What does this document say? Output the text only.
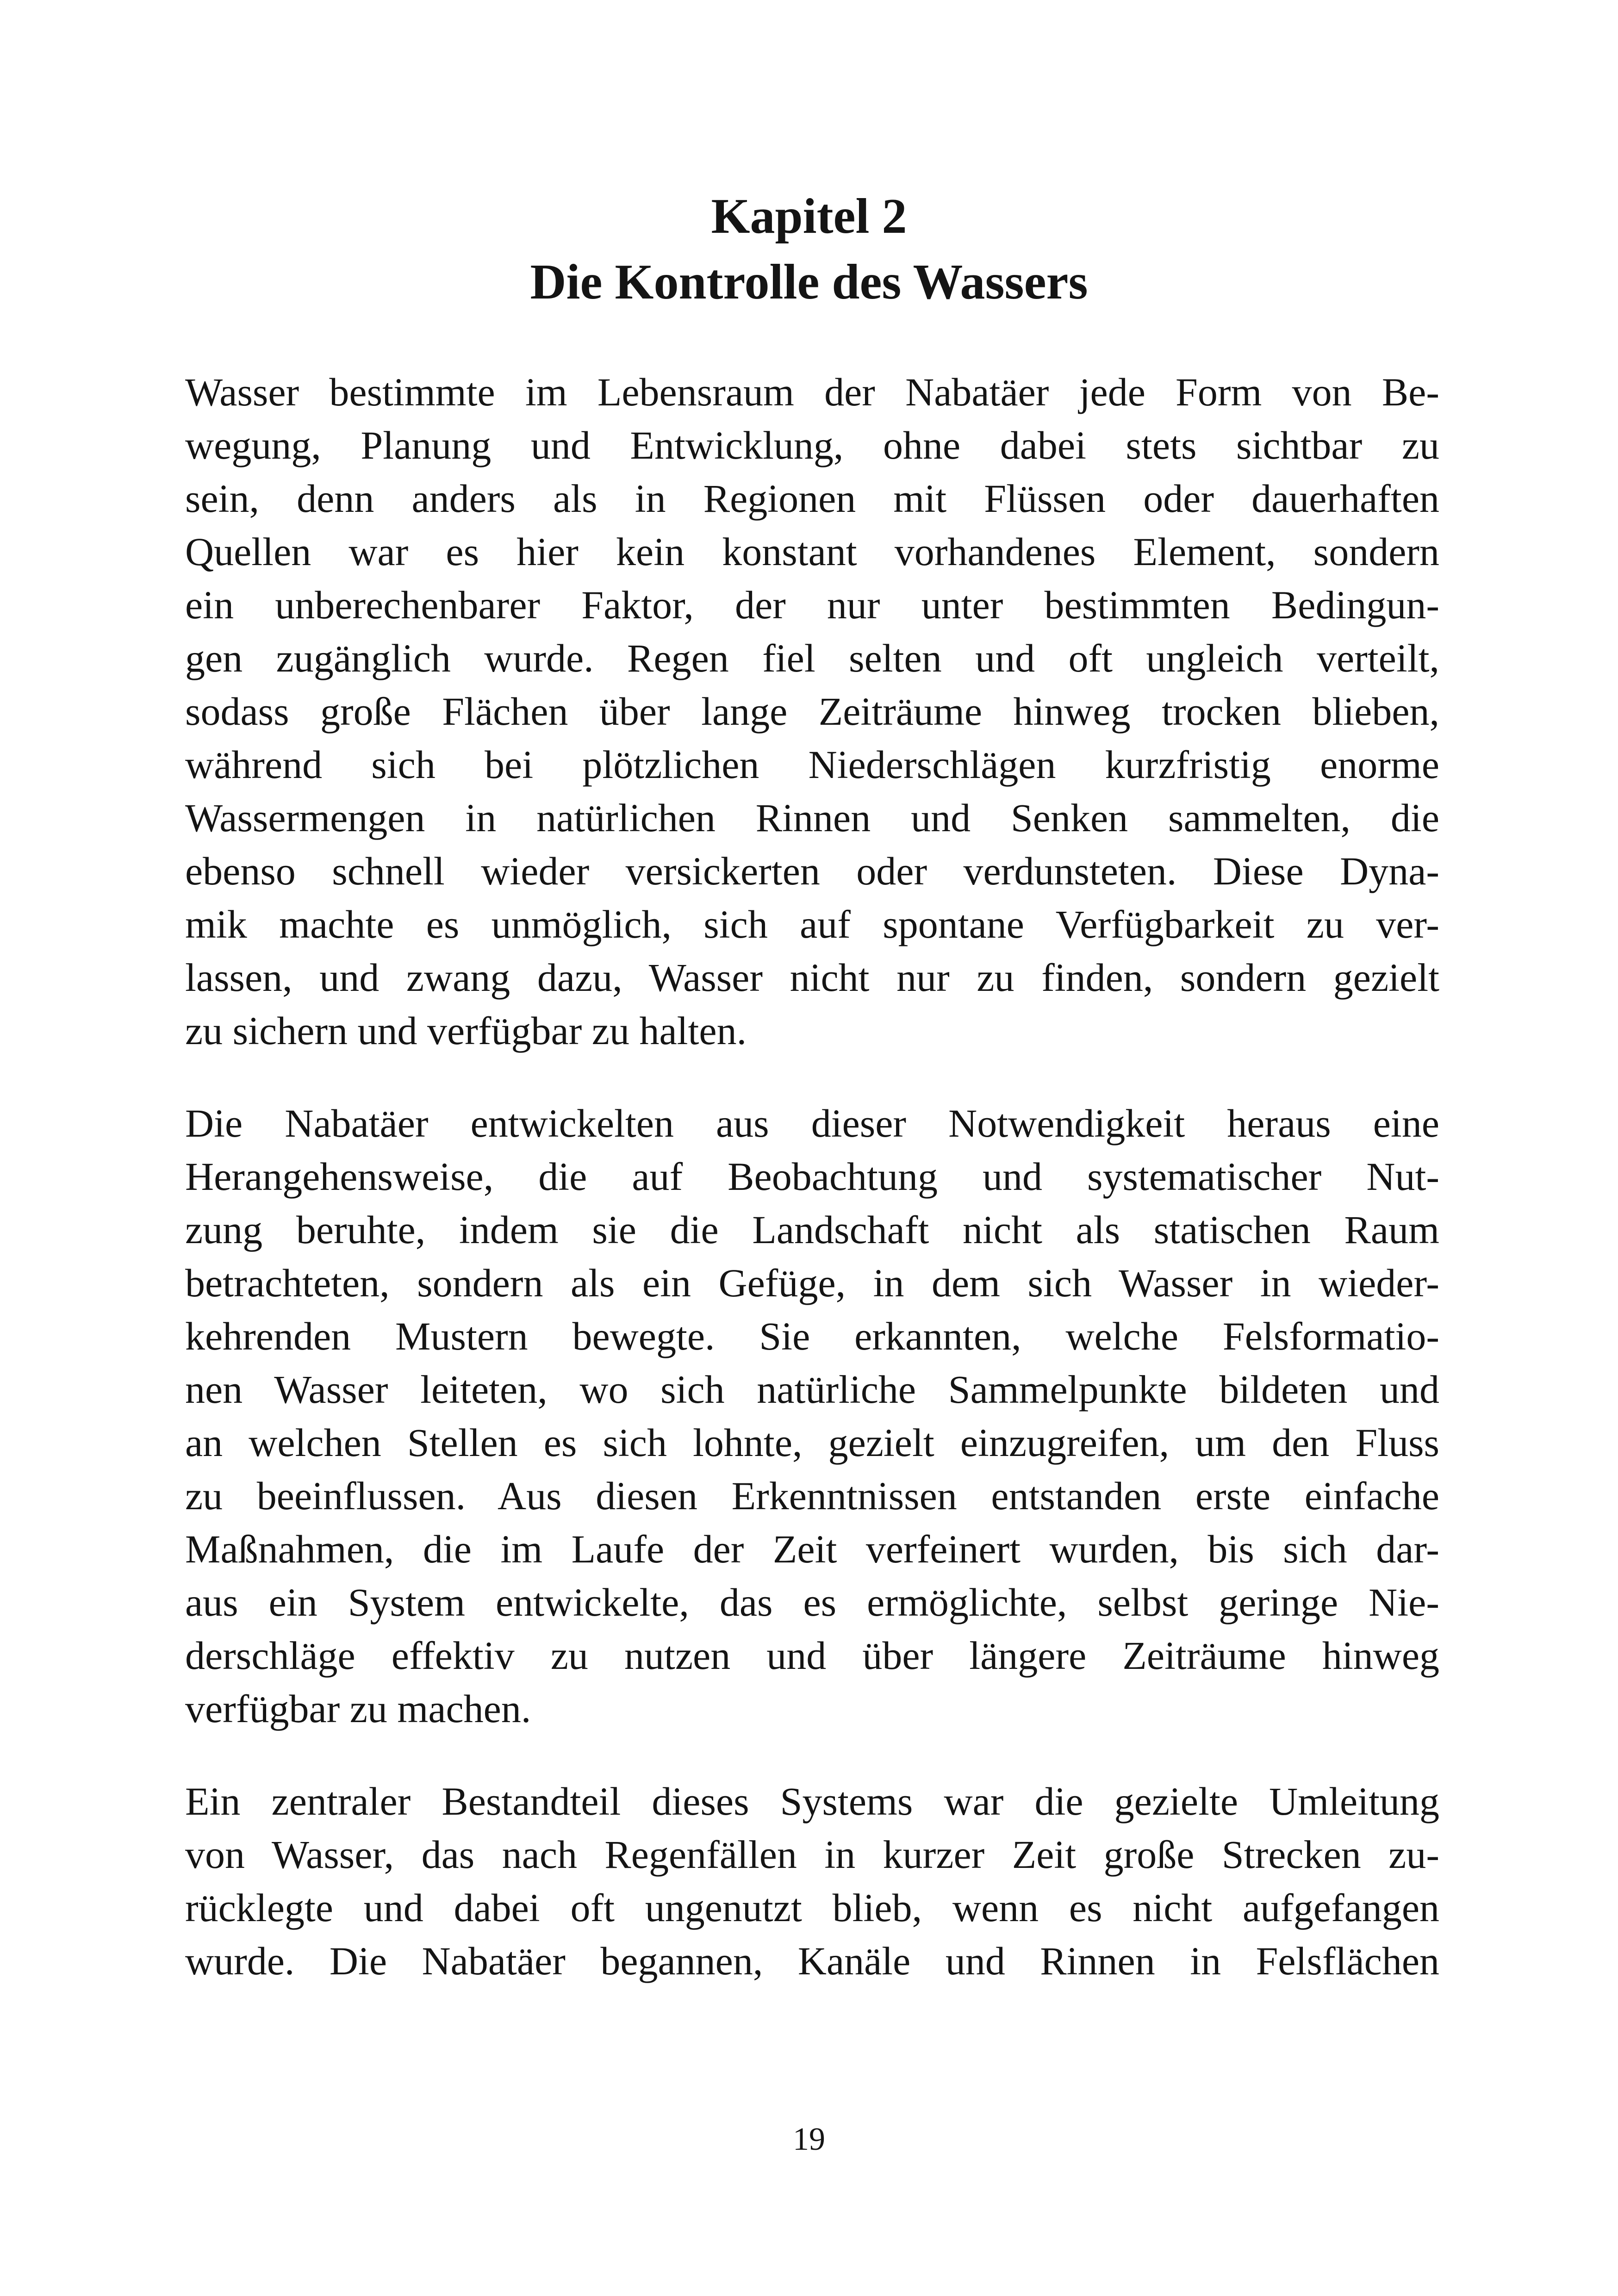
Kapitel 2
Die Kontrolle des Wassers
Wasser bestimmte im Lebensraum der Nabatäer jede Form von Be-
wegung, Planung und Entwicklung, ohne dabei stets sichtbar zu
sein, denn anders als in Regionen mit Flüssen oder dauerhaften
Quellen war es hier kein konstant vorhandenes Element, sondern
ein unberechenbarer Faktor, der nur unter bestimmten Bedingun-
gen zugänglich wurde. Regen fiel selten und oft ungleich verteilt,
sodass große Flächen über lange Zeiträume hinweg trocken blieben,
während sich bei plötzlichen Niederschlägen kurzfristig enorme
Wassermengen in natürlichen Rinnen und Senken sammelten, die
ebenso schnell wieder versickerten oder verdunsteten. Diese Dyna-
mik machte es unmöglich, sich auf spontane Verfügbarkeit zu ver-
lassen, und zwang dazu, Wasser nicht nur zu finden, sondern gezielt
zu sichern und verfügbar zu halten.
Die Nabatäer entwickelten aus dieser Notwendigkeit heraus eine
Herangehensweise, die auf Beobachtung und systematischer Nut-
zung beruhte, indem sie die Landschaft nicht als statischen Raum
betrachteten, sondern als ein Gefüge, in dem sich Wasser in wieder-
kehrenden Mustern bewegte. Sie erkannten, welche Felsformatio-
nen Wasser leiteten, wo sich natürliche Sammelpunkte bildeten und
an welchen Stellen es sich lohnte, gezielt einzugreifen, um den Fluss
zu beeinflussen. Aus diesen Erkenntnissen entstanden erste einfache
Maßnahmen, die im Laufe der Zeit verfeinert wurden, bis sich dar-
aus ein System entwickelte, das es ermöglichte, selbst geringe Nie-
derschläge effektiv zu nutzen und über längere Zeiträume hinweg
verfügbar zu machen.
Ein zentraler Bestandteil dieses Systems war die gezielte Umleitung
von Wasser, das nach Regenfällen in kurzer Zeit große Strecken zu-
rücklegte und dabei oft ungenutzt blieb, wenn es nicht aufgefangen
wurde. Die Nabatäer begannen, Kanäle und Rinnen in Felsflächen
19
